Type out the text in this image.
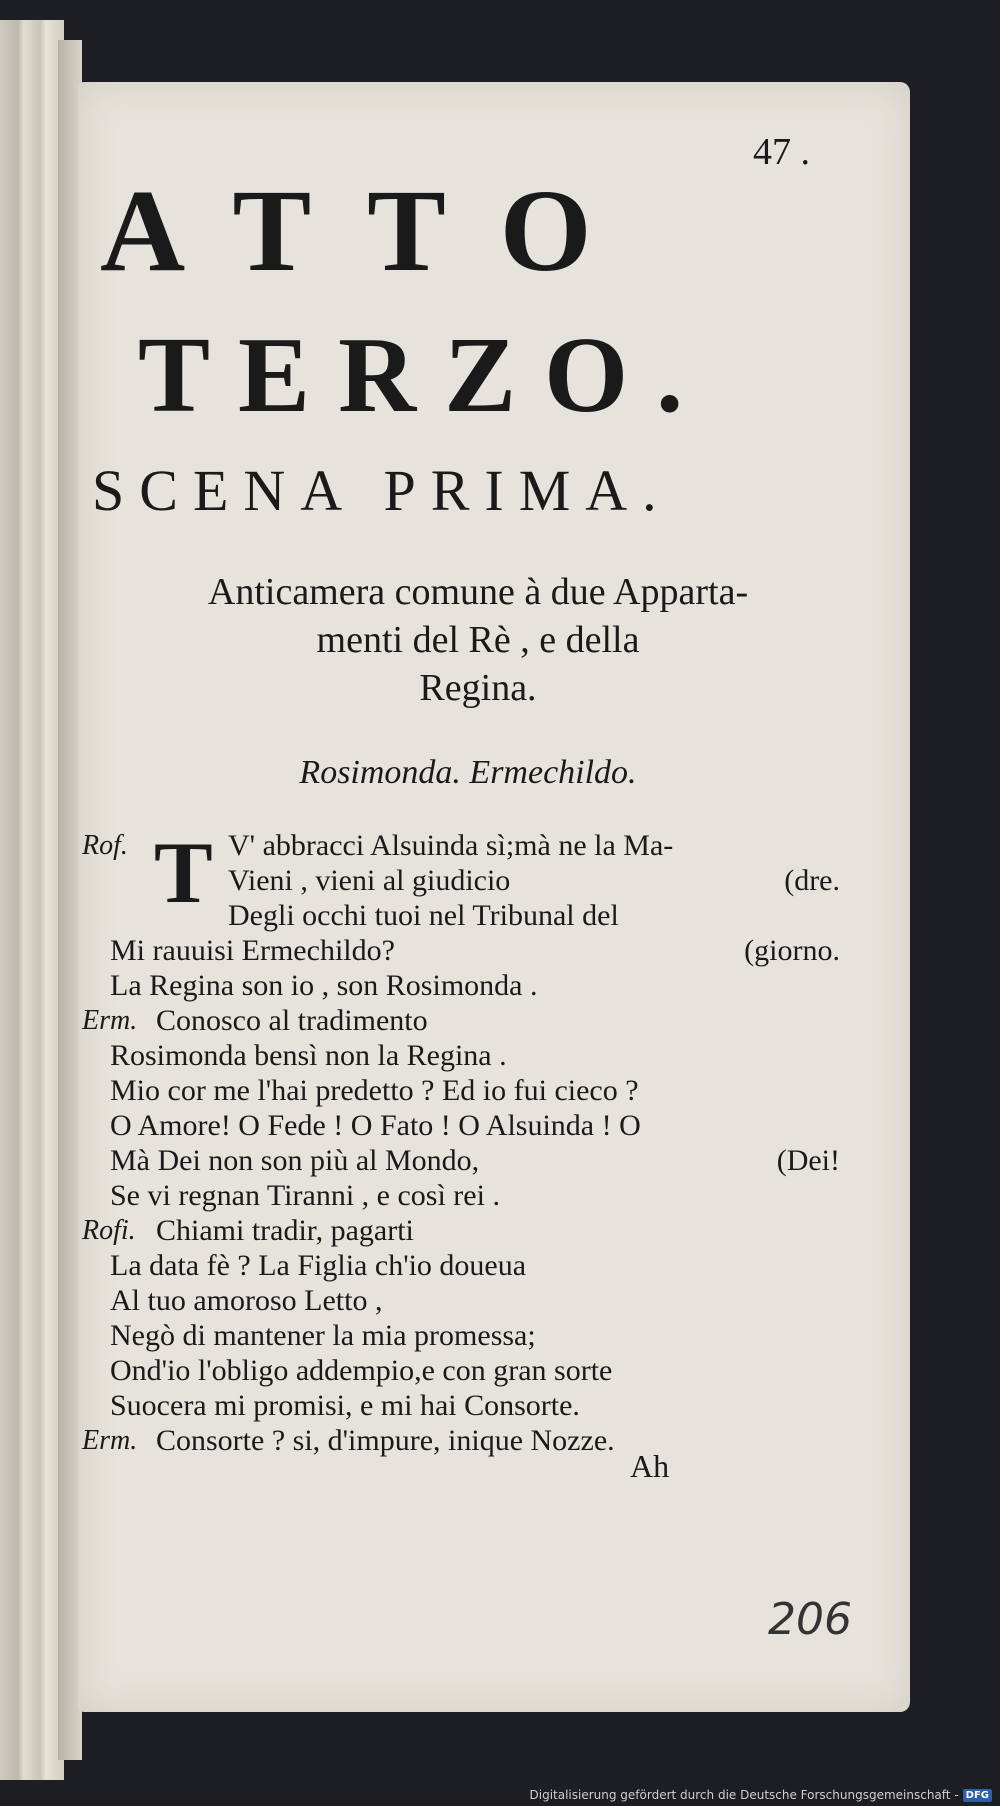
47 .
ATTO
TERZO.
SCENA PRIMA.
Anticamera comune à due Apparta-
menti del Rè , e della
Regina.
Rosimonda. Ermechildo.
T
Rof.	V' abbracci Alsuinda sì;mà ne la Ma-
Vieni , vieni al giudicio	(dre.
Degli occhi tuoi nel Tribunal del
Mi rauuisi Ermechildo?	(giorno.
La Regina son io , son Rosimonda .
Erm. Conosco al tradimento
Rosimonda bensì non la Regina .
Mio cor me l'hai predetto ? Ed io fui cieco ?
O Amore! O Fede ! O Fato ! O Alsuinda ! O
Mà Dei non son più al Mondo,	(Dei!
Se vi regnan Tiranni , e così rei .
Rofi. Chiami tradir, pagarti
La data fè ? La Figlia ch'io doueua
Al tuo amoroso Letto ,
Negò di mantener la mia promessa;
Ond'io l'obligo addempio,e con gran sorte
Suocera mi promisi, e mi hai Consorte.
Erm. Consorte ? si, d'impure, inique Nozze.
Ah
206
Digitalisierung gefördert durch die Deutsche Forschungsgemeinschaft - DFG
